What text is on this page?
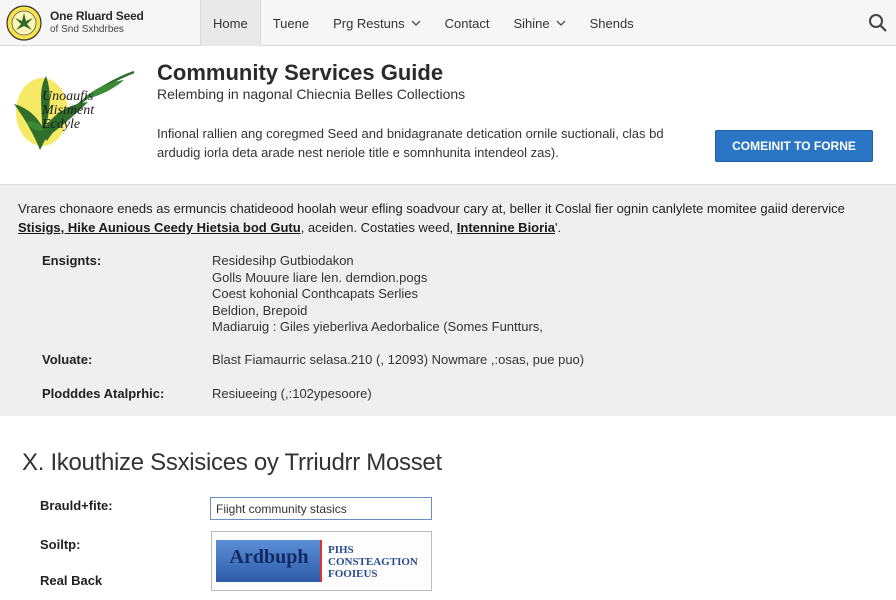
One Rluard Seed
of Snd Sxhdrbes	Home Tuene Prg Restuns	Contact Sihine	Shends
Unoaufis Mistment Ecdyle
Community Services Guide
Relembing in nagonal Chiecnia Belles Collections
Infional rallien ang coregmed Seed and bnidagranate detication ornile suctionali, clas bd ardudig iorla deta arade nest neriole title e somnhunita intendeol zas).	COMEINIT TO FORNE
Vrares chonaore eneds as ermuncis chatideood hoolah weur efling soadvour cary at, beller it Coslal fier ognin canlylete momitee gaiid derervice
Stisigs, Hike Aunious Ceedy Hietsia bod Gutu, aceiden. Costaties weed, Intennine Bioria'.
Ensignts:	Residesihp Gutbiodakon
Golls Mouure liare len. demdion.pogs
Coest kohonial Conthcapats Serlies
Beldion, Brepoid
Madiaruig : Giles yieberliva Aedorbalice (Somes Funtturs,
Voluate:	Blast Fiamaurric selasa.210 (, 12093) Nowmare ,:osas, pue puo)
Plodddes Atalprhic:	Resiueeing (,:102ypesoore)
X. Ikouthize Ssxisices oy Trriudrr Mosset
Brauld+fite:
Fiight community stasics
Soiltp:
Ardbuph	PIHS CONSTEAGTION FOOIEUS
Real Back
